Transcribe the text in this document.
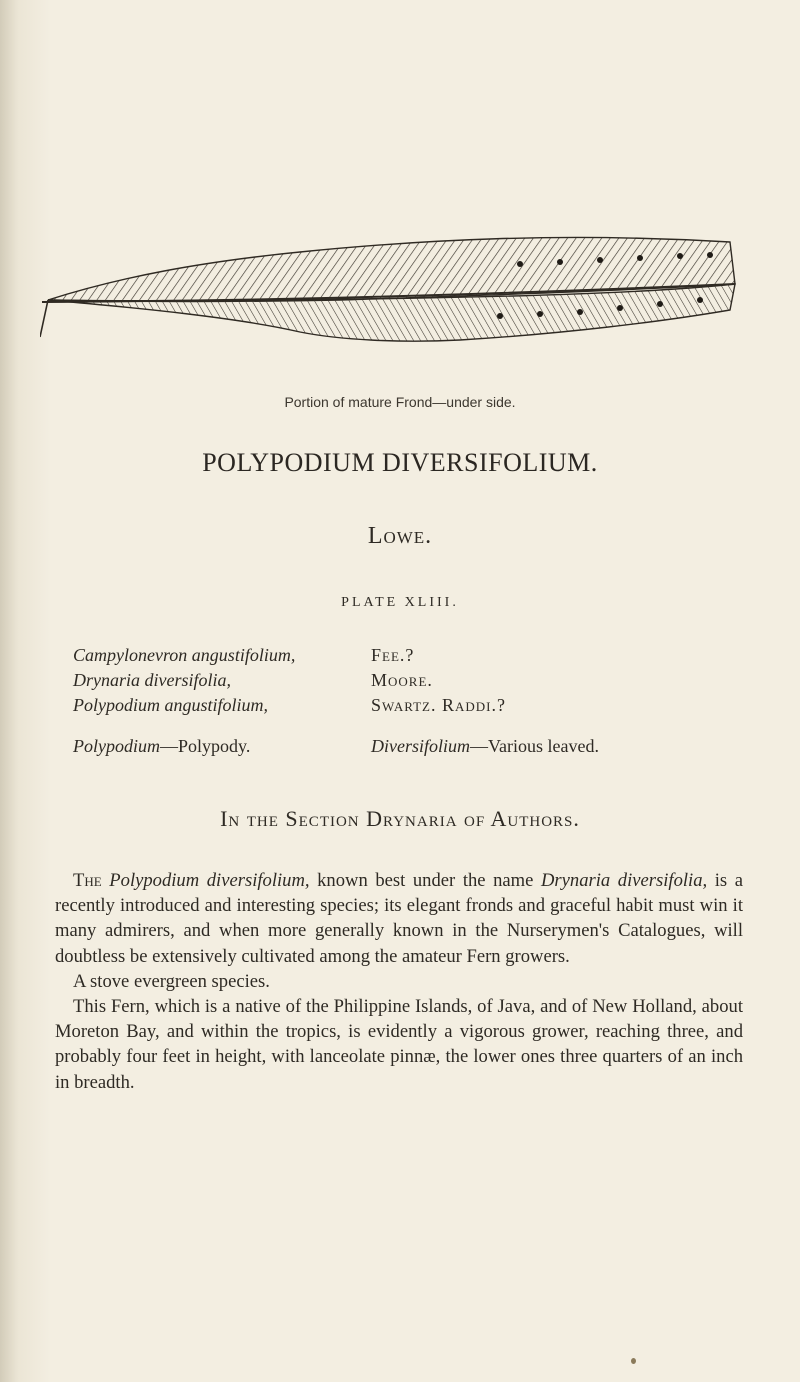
Portion of mature Frond—under side.
POLYPODIUM DIVERSIFOLIUM.
Lowe.
PLATE XLIII.
Campylonevron angustifolium,	Fee.?
Drynaria diversifolia,	Moore.
Polypodium angustifolium,	Swartz. Raddi.?
Polypodium—Polypody.	Diversifolium—Various leaved.
In the Section Drynaria of Authors.

The Polypodium diversifolium, known best under the name Drynaria diversifolia, is a recently introduced and interesting species; its elegant fronds and graceful habit must win it many admirers, and when more generally known in the Nurserymen's Catalogues, will doubtless be extensively cultivated among the amateur Fern growers.

A stove evergreen species.

This Fern, which is a native of the Philippine Islands, of Java, and of New Holland, about Moreton Bay, and within the tropics, is evidently a vigorous grower, reaching three, and probably four feet in height, with lanceolate pinnæ, the lower ones three quarters of an inch in breadth.
